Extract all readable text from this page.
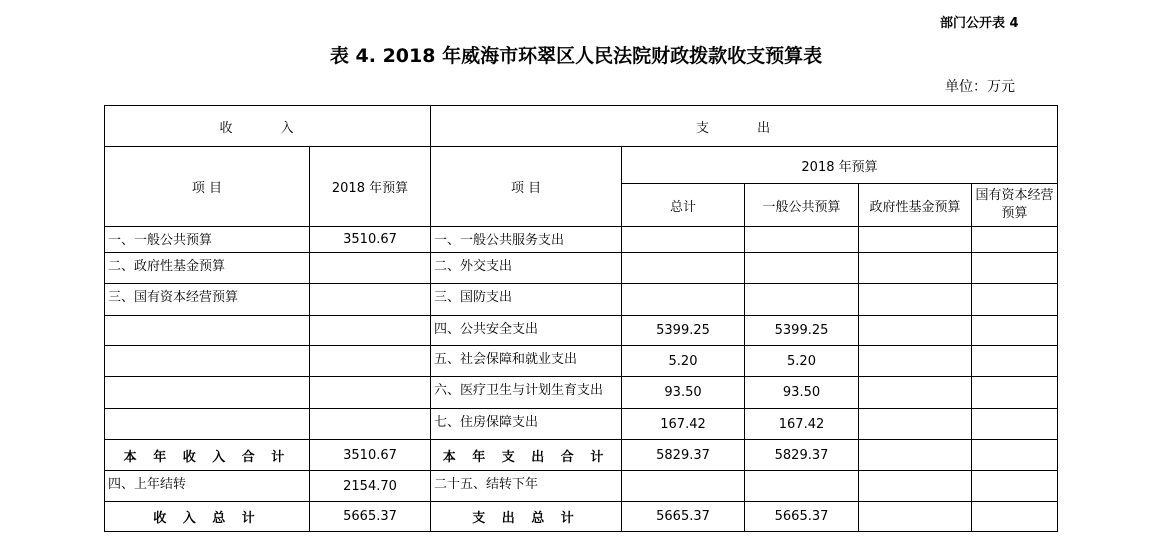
部门公开表 4
表 4. 2018 年威海市环翠区人民法院财政拨款收支预算表
单位：万元
收 入		支 出				
项 目	2018 年预算	项 目	2018 年预算			
			总计	一般公共预算	政府性基金预算	国有资本经营预算
一、一般公共预算	3510.67	一、一般公共服务支出				
二、政府性基金预算		二、外交支出				
三、国有资本经营预算		三、国防支出				
		四、公共安全支出	5399.25	5399.25		
		五、社会保障和就业支出	5.20	5.20		
		六、医疗卫生与计划生育支出	93.50	93.50		
		七、住房保障支出	167.42	167.42		
本 年 收 入 合 计	3510.67	本 年 支 出 合 计	5829.37	5829.37		
四、上年结转	2154.70	二十五、结转下年				
收 入 总 计	5665.37	支 出 总 计	5665.37	5665.37		
